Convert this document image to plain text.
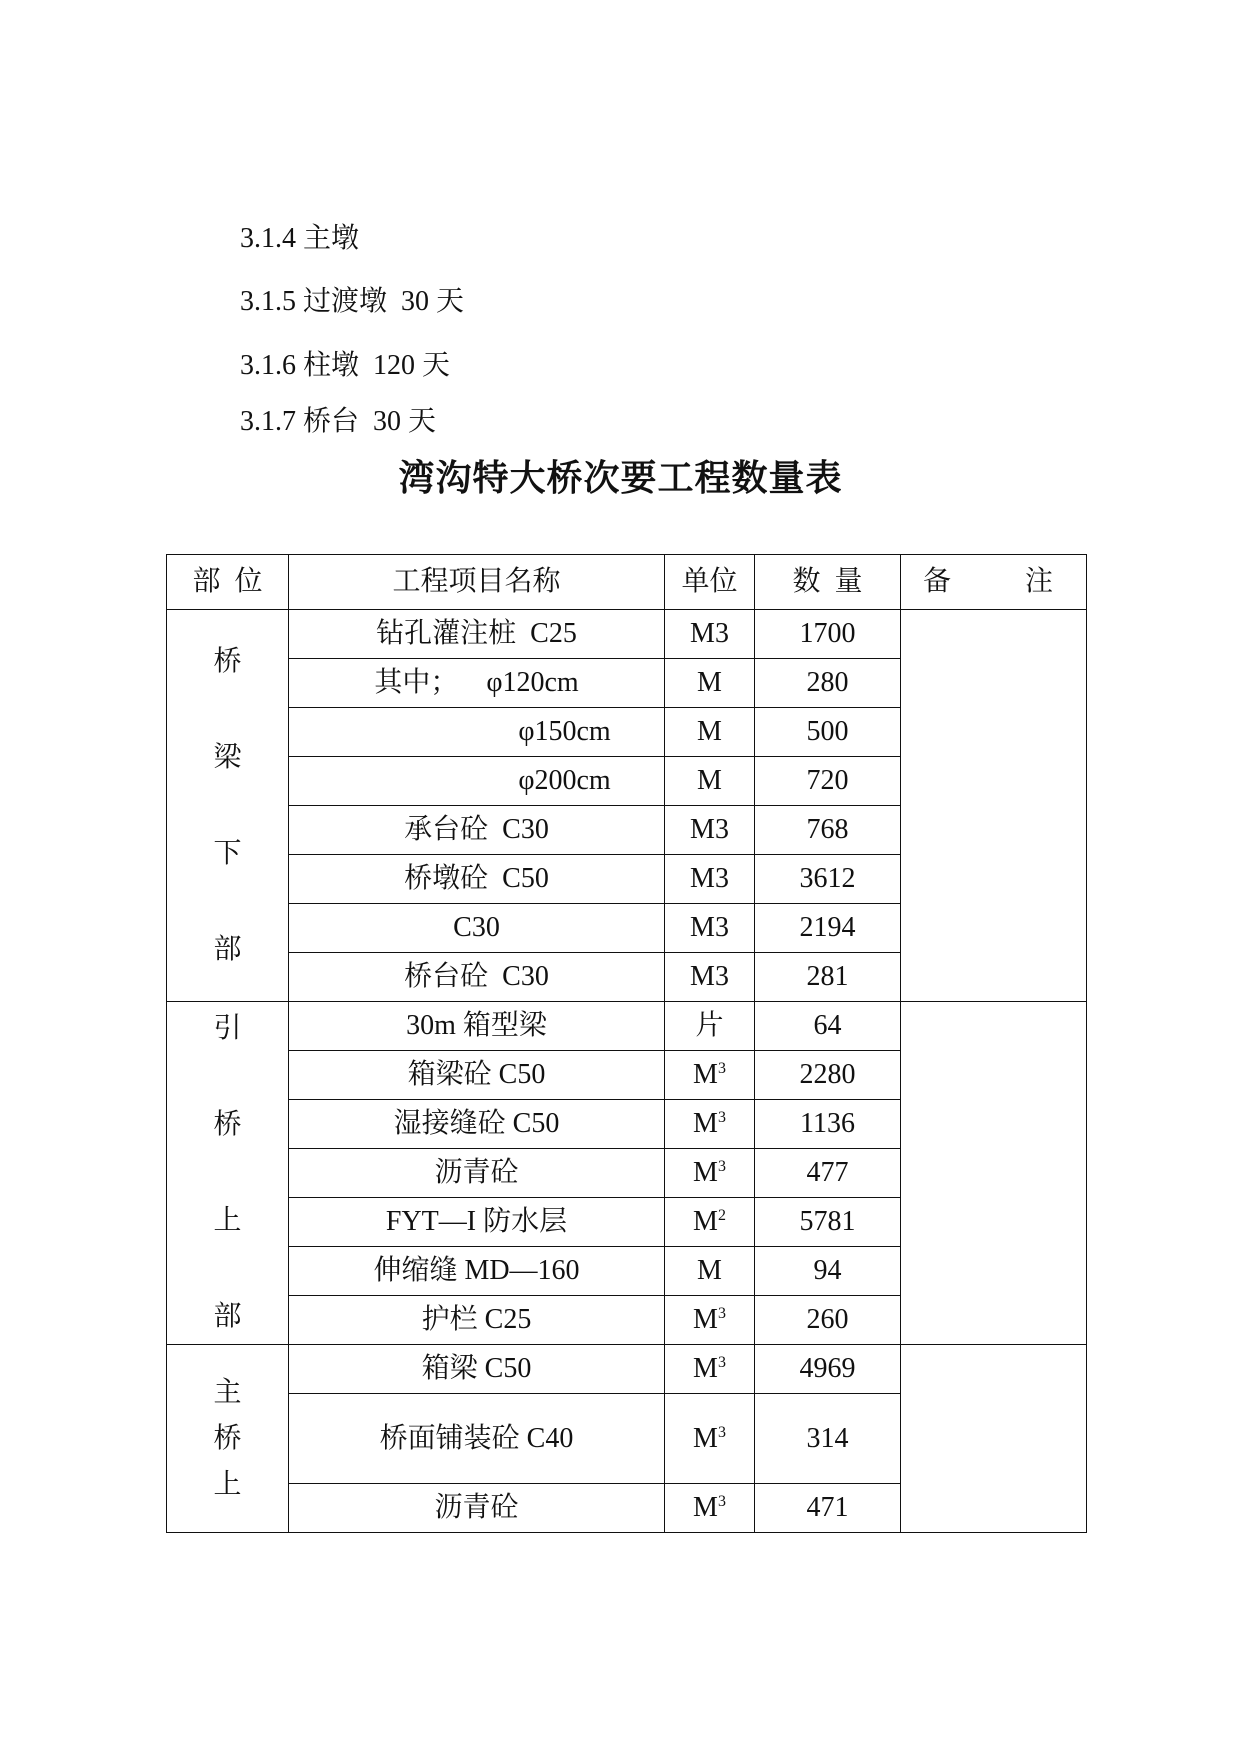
3.1.4 主墩
3.1.5 过渡墩  30 天
3.1.6 柱墩  120 天
3.1.7 桥台  30 天
湾沟特大桥次要工程数量表
部  位	工程项目名称	单位	数  量	备 注

桥
梁
下
部	钻孔灌注桩  C25	M3	1700	
	其中；    φ120cm	M	280	
	φ150cm	M	500	
	φ200cm	M	720	
	承台砼  C30	M3	768	
	桥墩砼  C50	M3	3612	
	C30	M3	2194	
	桥台砼  C30	M3	281	

引
桥
上
部	30m 箱型梁	片	64	
	箱梁砼 C50	$M^3$	2280	
	湿接缝砼 C50	$M^3$	1136	
	沥青砼	$M^3$	477	
	FYT—I 防水层	$M^2$	5781	
	伸缩缝 MD—160	M	94	
	护栏 C25	$M^3$	260	

主
桥
上	箱梁 C50	$M^3$	4969	
	桥面铺装砼 C40	$M^3$	314	
	沥青砼	$M^3$	471	
